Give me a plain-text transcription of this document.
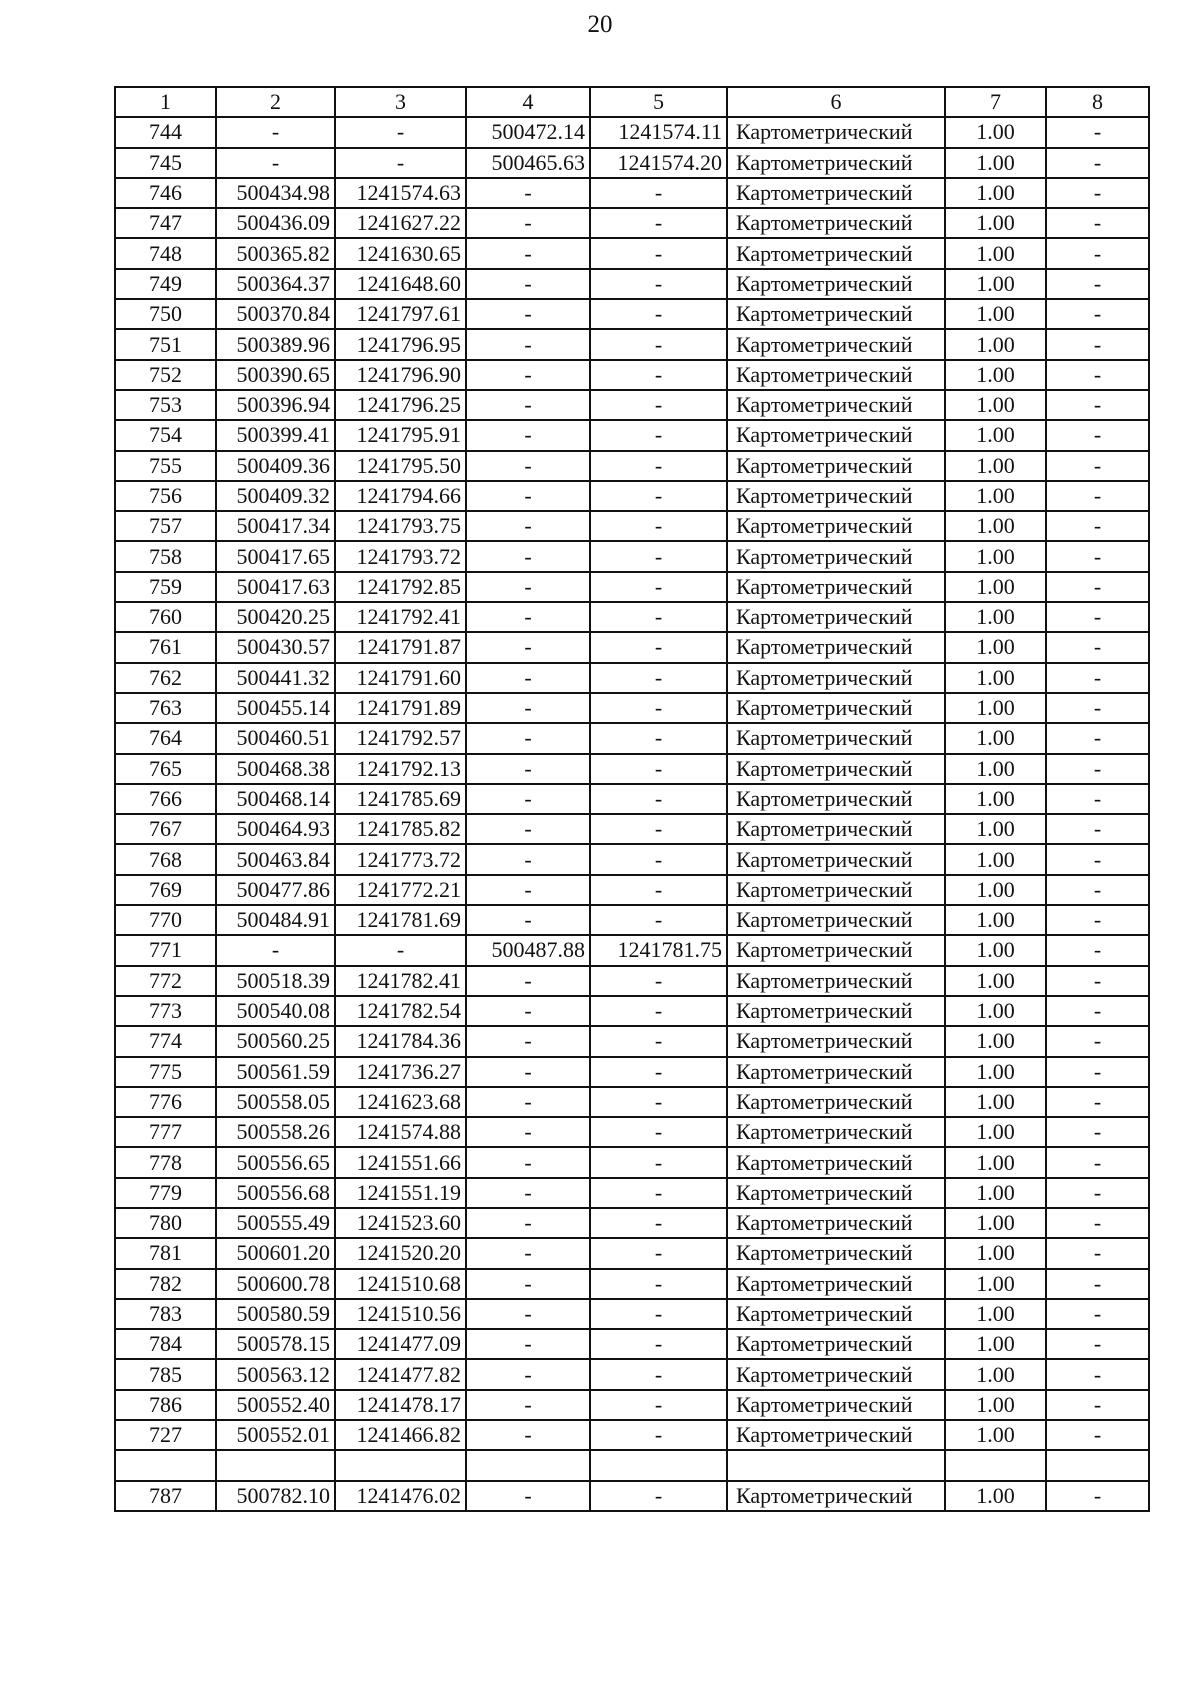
20
1	2	3	4	5	6	7	8
744	-	-	500472.14	1241574.11	Картометрический	1.00	-
745	-	-	500465.63	1241574.20	Картометрический	1.00	-
746	500434.98	1241574.63	-	-	Картометрический	1.00	-
747	500436.09	1241627.22	-	-	Картометрический	1.00	-
748	500365.82	1241630.65	-	-	Картометрический	1.00	-
749	500364.37	1241648.60	-	-	Картометрический	1.00	-
750	500370.84	1241797.61	-	-	Картометрический	1.00	-
751	500389.96	1241796.95	-	-	Картометрический	1.00	-
752	500390.65	1241796.90	-	-	Картометрический	1.00	-
753	500396.94	1241796.25	-	-	Картометрический	1.00	-
754	500399.41	1241795.91	-	-	Картометрический	1.00	-
755	500409.36	1241795.50	-	-	Картометрический	1.00	-
756	500409.32	1241794.66	-	-	Картометрический	1.00	-
757	500417.34	1241793.75	-	-	Картометрический	1.00	-
758	500417.65	1241793.72	-	-	Картометрический	1.00	-
759	500417.63	1241792.85	-	-	Картометрический	1.00	-
760	500420.25	1241792.41	-	-	Картометрический	1.00	-
761	500430.57	1241791.87	-	-	Картометрический	1.00	-
762	500441.32	1241791.60	-	-	Картометрический	1.00	-
763	500455.14	1241791.89	-	-	Картометрический	1.00	-
764	500460.51	1241792.57	-	-	Картометрический	1.00	-
765	500468.38	1241792.13	-	-	Картометрический	1.00	-
766	500468.14	1241785.69	-	-	Картометрический	1.00	-
767	500464.93	1241785.82	-	-	Картометрический	1.00	-
768	500463.84	1241773.72	-	-	Картометрический	1.00	-
769	500477.86	1241772.21	-	-	Картометрический	1.00	-
770	500484.91	1241781.69	-	-	Картометрический	1.00	-
771	-	-	500487.88	1241781.75	Картометрический	1.00	-
772	500518.39	1241782.41	-	-	Картометрический	1.00	-
773	500540.08	1241782.54	-	-	Картометрический	1.00	-
774	500560.25	1241784.36	-	-	Картометрический	1.00	-
775	500561.59	1241736.27	-	-	Картометрический	1.00	-
776	500558.05	1241623.68	-	-	Картометрический	1.00	-
777	500558.26	1241574.88	-	-	Картометрический	1.00	-
778	500556.65	1241551.66	-	-	Картометрический	1.00	-
779	500556.68	1241551.19	-	-	Картометрический	1.00	-
780	500555.49	1241523.60	-	-	Картометрический	1.00	-
781	500601.20	1241520.20	-	-	Картометрический	1.00	-
782	500600.78	1241510.68	-	-	Картометрический	1.00	-
783	500580.59	1241510.56	-	-	Картометрический	1.00	-
784	500578.15	1241477.09	-	-	Картометрический	1.00	-
785	500563.12	1241477.82	-	-	Картометрический	1.00	-
786	500552.40	1241478.17	-	-	Картометрический	1.00	-
727	500552.01	1241466.82	-	-	Картометрический	1.00	-

787	500782.10	1241476.02	-	-	Картометрический	1.00	-
